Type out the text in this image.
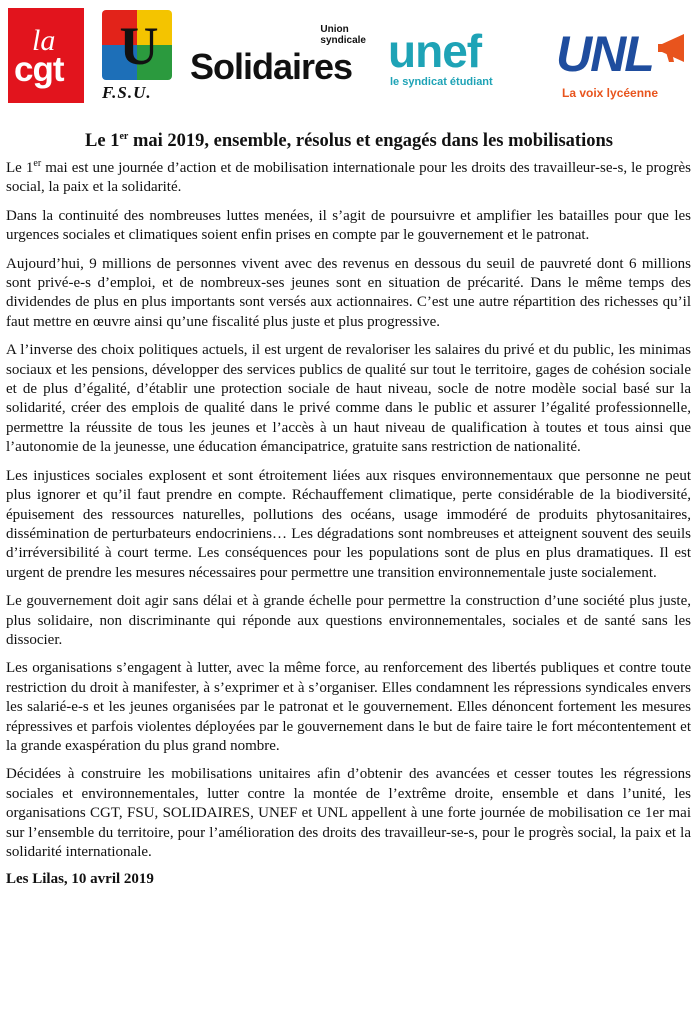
la
cgt U
F.S.U.
Union
syndicale
Solidaires unef
le syndicat étudiant UNL
La voix lycéenne
Le 1er mai 2019, ensemble, résolus et engagés dans les mobilisations

Le 1er mai est une journée d’action et de mobilisation internationale pour les droits des travailleur-se-s, le progrès social, la paix et la solidarité.

Dans la continuité des nombreuses luttes menées, il s’agit de poursuivre et amplifier les batailles pour que les urgences sociales et climatiques soient enfin prises en compte par le gouvernement et le patronat.

Aujourd’hui, 9 millions de personnes vivent avec des revenus en dessous du seuil de pauvreté dont 6 millions sont privé-e-s d’emploi, et de nombreux-ses jeunes sont en situation de précarité. Dans le même temps des dividendes de plus en plus importants sont versés aux actionnaires. C’est une autre répartition des richesses qu’il faut mettre en œuvre ainsi qu’une fiscalité plus juste et plus progressive.

A l’inverse des choix politiques actuels, il est urgent de revaloriser les salaires du privé et du public, les minimas sociaux et les pensions, développer des services publics de qualité sur tout le territoire, gages de cohésion sociale et de plus d’égalité, d’établir une protection sociale de haut niveau, socle de notre modèle social basé sur la solidarité, créer des emplois de qualité dans le privé comme dans le public et assurer l’égalité professionnelle, permettre la réussite de tous les jeunes et l’accès à un haut niveau de qualification à toutes et tous ainsi que l’autonomie de la jeunesse, une éducation émancipatrice, gratuite sans restriction de nationalité.

Les injustices sociales explosent et sont étroitement liées aux risques environnementaux que personne ne peut plus ignorer et qu’il faut prendre en compte. Réchauffement climatique, perte considérable de la biodiversité, épuisement des ressources naturelles, pollutions des océans, usage immodéré de produits phytosanitaires, dissémination de perturbateurs endocriniens… Les dégradations sont nombreuses et atteignent souvent des seuils d’irréversibilité à court terme. Les conséquences pour les populations sont de plus en plus dramatiques. Il est urgent de prendre les mesures nécessaires pour permettre une transition environnementale juste socialement.

Le gouvernement doit agir sans délai et à grande échelle pour permettre la construction d’une société plus juste, plus solidaire, non discriminante qui réponde aux questions environnementales, sociales et de santé sans les dissocier.

Les organisations s’engagent à lutter, avec la même force, au renforcement des libertés publiques et contre toute restriction du droit à manifester, à s’exprimer et à s’organiser. Elles condamnent les répressions syndicales envers les salarié-e-s et les jeunes organisées par le patronat et le gouvernement. Elles dénoncent fortement les mesures répressives et parfois violentes déployées par le gouvernement dans le but de faire taire le fort mécontentement et la grande exaspération du plus grand nombre.

Décidées à construire les mobilisations unitaires afin d’obtenir des avancées et cesser toutes les régressions sociales et environnementales, lutter contre la montée de l’extrême droite, ensemble et dans l’unité, les organisations CGT, FSU, SOLIDAIRES, UNEF et UNL appellent à une forte journée de mobilisation ce 1er mai sur l’ensemble du territoire, pour l’amélioration des droits des travailleur-se-s, pour le progrès social, la paix et la solidarité internationale.

Les Lilas, 10 avril 2019
